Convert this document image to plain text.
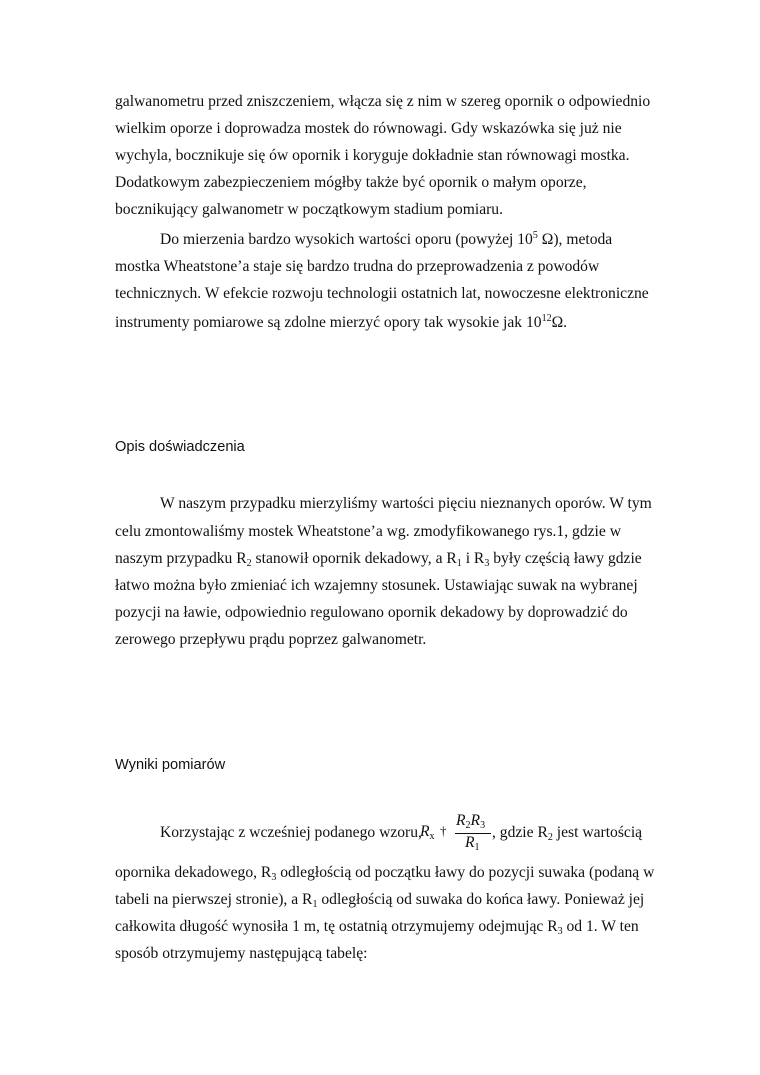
galwanometru przed zniszczeniem, włącza się z nim w szereg opornik o odpowiednio
wielkim oporze i doprowadza mostek do równowagi. Gdy wskazówka się już nie
wychyla, bocznikuje się ów opornik i koryguje dokładnie stan równowagi mostka.
Dodatkowym zabezpieczeniem mógłby także być opornik o małym oporze,
bocznikujący galwanometr w początkowym stadium pomiaru.
Do mierzenia bardzo wysokich wartości oporu (powyżej $10^5$ Ω), metoda
mostka Wheatstone’a staje się bardzo trudna do przeprowadzenia z powodów
technicznych. W efekcie rozwoju technologii ostatnich lat, nowoczesne elektroniczne
instrumenty pomiarowe są zdolne mierzyć opory tak wysokie jak $10^{12}\Omega$.
Opis doświadczenia
W naszym przypadku mierzyliśmy wartości pięciu nieznanych oporów. W tym
celu zmontowaliśmy mostek Wheatstone’a wg. zmodyfikowanego rys.1, gdzie w
naszym przypadku $R_2$ stanowił opornik dekadowy, a $R_1$ i $R_3$ były częścią ławy gdzie
łatwo można było zmieniać ich wzajemny stosunek. Ustawiając suwak na wybranej
pozycji na ławie, odpowiednio regulowano opornik dekadowy by doprowadzić do
zerowego przepływu prądu poprzez galwanometr.
Wyniki pomiarów
Korzystając z wcześniej podanego wzoru,
$R_x$ †
$R_2R_3$
$R_1$
, gdzie $R_2$ jest wartością
opornika dekadowego, $R_3$ odległością od początku ławy do pozycji suwaka (podaną w
tabeli na pierwszej stronie), a $R_1$ odległością od suwaka do końca ławy. Ponieważ jej
całkowita długość wynosiła 1 m, tę ostatnią otrzymujemy odejmując $R_3$ od 1. W ten
sposób otrzymujemy następującą tabelę:
